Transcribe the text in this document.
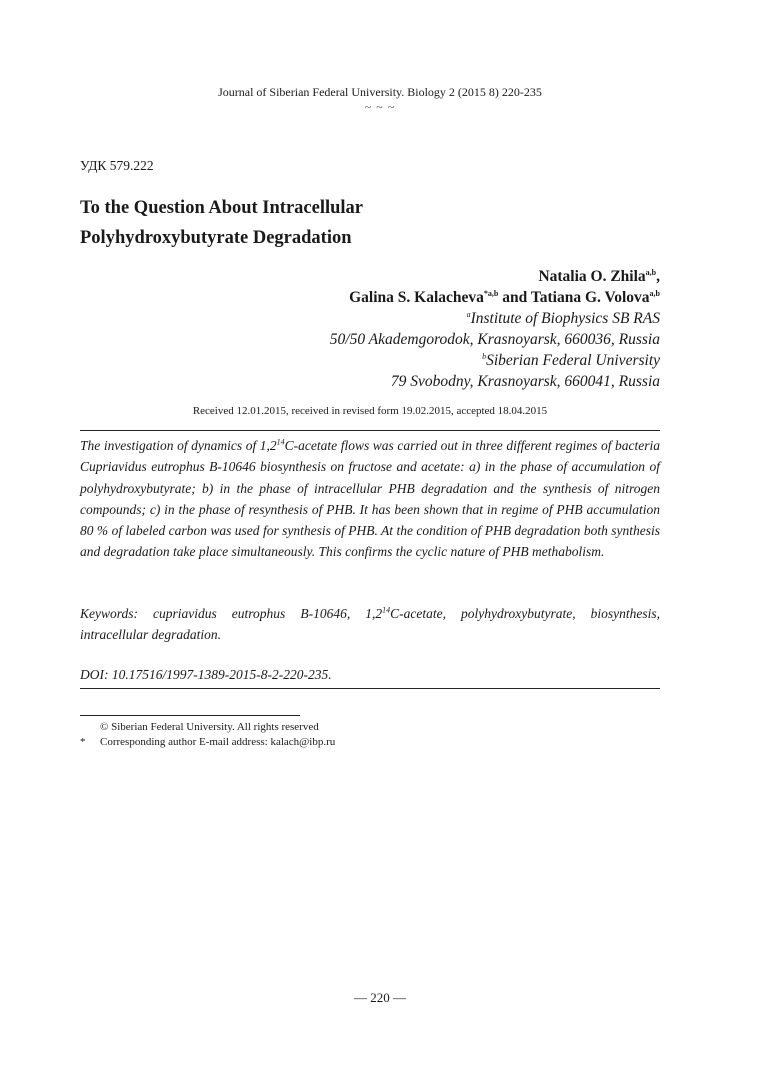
Journal of Siberian Federal University. Biology 2 (2015 8) 220-235
~ ~ ~
УДК 579.222
To the Question About Intracellular
Polyhydroxybutyrate Degradation
Natalia O. Zhila$^{a,b}$,
Galina S. Kalacheva$^{*a,b}$ and Tatiana G. Volova$^{a,b}$
$^a$Institute of Biophysics SB RAS
50/50 Akademgorodok, Krasnoyarsk, 660036, Russia
$^b$Siberian Federal University
79 Svobodny, Krasnoyarsk, 660041, Russia
Received 12.01.2015, received in revised form 19.02.2015, accepted 18.04.2015
The investigation of dynamics of $1,2^{14}C$-acetate flows was carried out in three different regimes of bacteria Cupriavidus eutrophus B-10646 biosynthesis on fructose and acetate: a) in the phase of accumulation of polyhydroxybutyrate; b) in the phase of intracellular PHB degradation and the synthesis of nitrogen compounds; c) in the phase of resynthesis of PHB. It has been shown that in regime of PHB accumulation 80 % of labeled carbon was used for synthesis of PHB. At the condition of PHB degradation both synthesis and degradation take place simultaneously. This confirms the cyclic nature of PHB methabolism.
Keywords: cupriavidus eutrophus B-10646, $1,2^{14}C$-acetate, polyhydroxybutyrate, biosynthesis, intracellular degradation.
DOI: 10.17516/1997-1389-2015-8-2-220-235.
© Siberian Federal University. All rights reserved
* Corresponding author E-mail address: kalach@ibp.ru
― 220 ―
